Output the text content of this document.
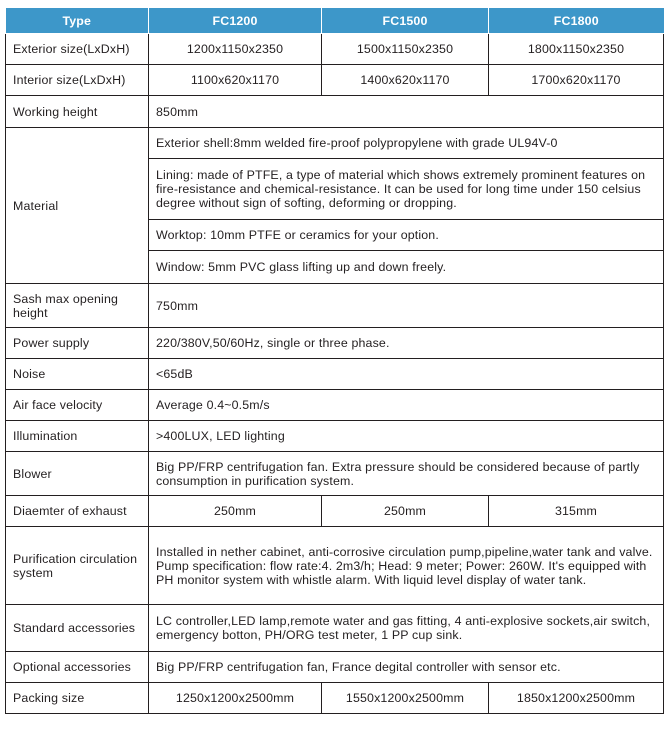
Type	FC1200	FC1500	FC1800
Exterior size(LxDxH)	1200x1150x2350	1500x1150x2350	1800x1150x2350
Interior size(LxDxH)	1100x620x1170	1400x620x1170	1700x620x1170
Working height	850mm		
Material	Exterior shell:8mm welded fire-proof polypropylene with grade UL94V-0		
	Lining: made of PTFE, a type of material which shows extremely prominent features on fire-resistance and chemical-resistance. It can be used for long time under 150 celsius degree without sign of softing, deforming or dropping.		
	Worktop: 10mm PTFE or ceramics for your option.		
	Window: 5mm PVC glass lifting up and down freely.		
Sash max opening height	750mm		
Power supply	220/380V,50/60Hz, single or three phase.		
Noise	<65dB		
Air face velocity	Average 0.4~0.5m/s		
Illumination	>400LUX, LED lighting		
Blower	Big PP/FRP centrifugation fan. Extra pressure should be considered because of partly consumption in purification system.		
Diaemter of exhaust	250mm	250mm	315mm
Purification circulation system	Installed in nether cabinet, anti-corrosive circulation pump,pipeline,water tank and valve. Pump specification: flow rate:4. 2m3/h; Head: 9 meter; Power: 260W. It's equipped with PH monitor system with whistle alarm. With liquid level display of water tank.		
Standard accessories	LC controller,LED lamp,remote water and gas fitting, 4 anti-explosive sockets,air switch, emergency botton, PH/ORG test meter, 1 PP cup sink.		
Optional accessories	Big PP/FRP centrifugation fan, France degital controller with sensor etc.		
Packing size	1250x1200x2500mm	1550x1200x2500mm	1850x1200x2500mm
